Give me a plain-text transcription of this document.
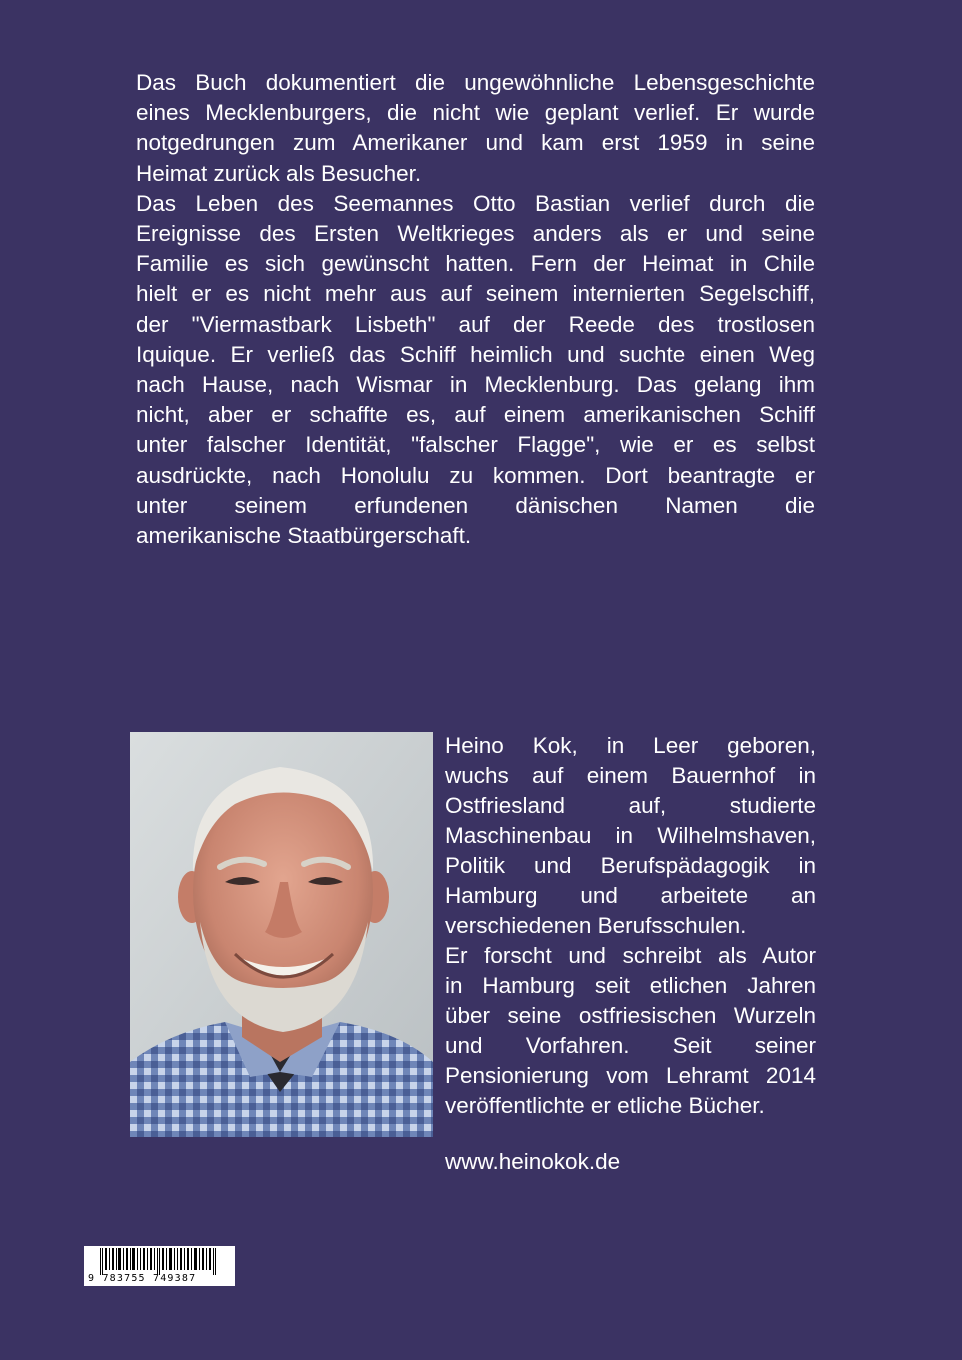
Das Buch dokumentiert die ungewöhnliche Lebensgeschichte
eines Mecklenburgers, die nicht wie geplant verlief. Er wurde
notgedrungen zum Amerikaner und kam erst 1959 in seine
Heimat zurück als Besucher.
Das Leben des Seemannes Otto Bastian verlief durch die
Ereignisse des Ersten Weltkrieges anders als er und seine
Familie es sich gewünscht hatten. Fern der Heimat in Chile
hielt er es nicht mehr aus auf seinem internierten Segelschiff,
der "Viermastbark Lisbeth" auf der Reede des trostlosen
Iquique. Er verließ das Schiff heimlich und suchte einen Weg
nach Hause, nach Wismar in Mecklenburg. Das gelang ihm
nicht, aber er schaffte es, auf einem amerikanischen Schiff
unter falscher Identität, "falscher Flagge", wie er es selbst
ausdrückte, nach Honolulu zu kommen. Dort beantragte er
unter seinem erfundenen dänischen Namen die
amerikanische Staatbürgerschaft.
Heino Kok, in Leer geboren,
wuchs auf einem Bauernhof in
Ostfriesland auf, studierte
Maschinenbau in Wilhelmshaven,
Politik und Berufspädagogik in
Hamburg und arbeitete an
verschiedenen Berufsschulen.
Er forscht und schreibt als Autor
in Hamburg seit etlichen Jahren
über seine ostfriesischen Wurzeln
und Vorfahren. Seit seiner
Pensionierung vom Lehramt 2014
veröffentlichte er etliche Bücher.
www.heinokok.de
9 783755 749387
